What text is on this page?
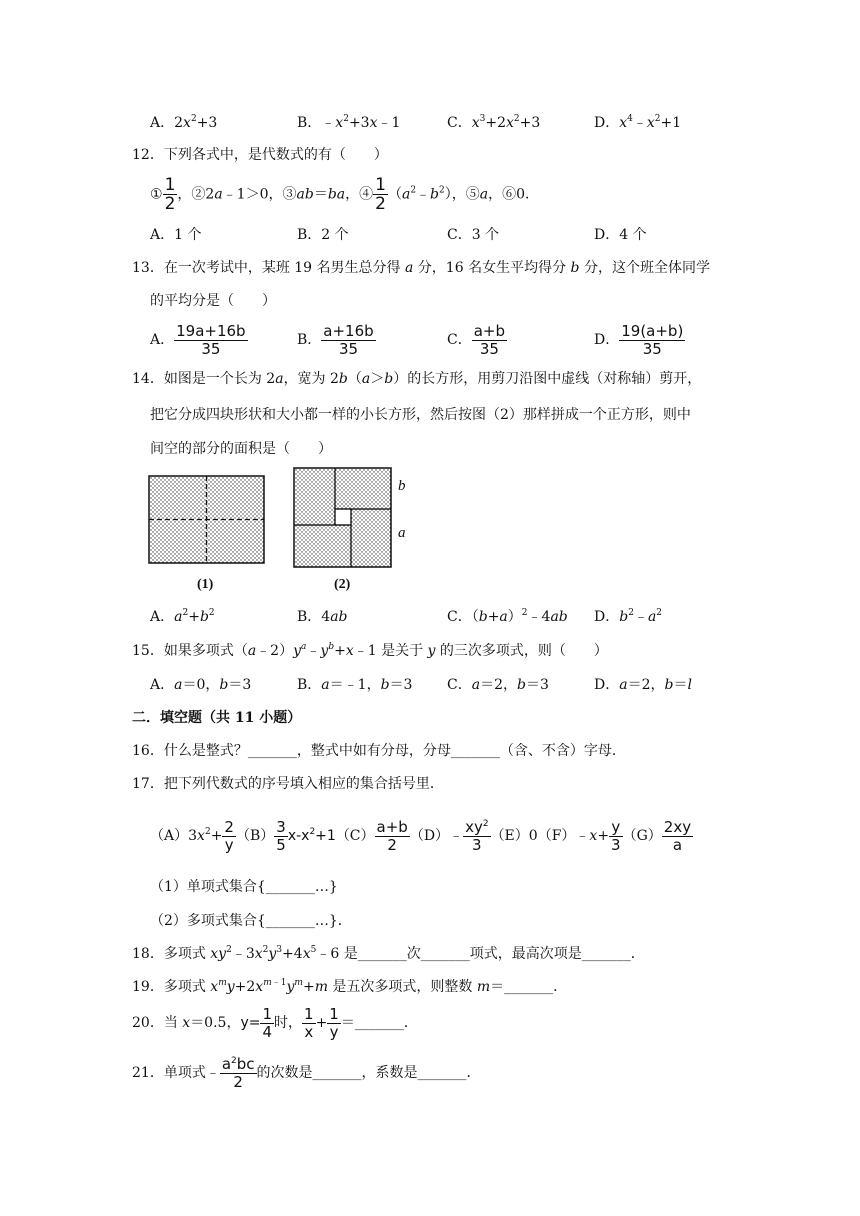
A．$2x^2+3$	B．$﹣x^2+3x﹣1$	C．$x^3+2x^2+3$	D．$x^4﹣x^2+1$
12．下列各式中，是代数式的有（　　）
① $\frac{1}{2}$ ，②2a﹣1＞0，③ab＝ba，④ $\frac{1}{2}$ $(a^2﹣b^2)$，⑤a，⑥0．
A．1 个	B．2 个	C．3 个	D．4 个
13．在一次考试中，某班 19 名男生总分得 a 分，16 名女生平均得分 b 分，这个班全体同学
的平均分是（　　）
A． $\frac{19a+16b}{35}$	B． $\frac{a+16b}{35}$	C． $\frac{a+b}{35}$	D． $\frac{19(a+b)}{35}$
14．如图是一个长为 2a，宽为 2b（a＞b）的长方形，用剪刀沿图中虚线（对称轴）剪开，
把它分成四块形状和大小都一样的小长方形，然后按图（2）那样拼成一个正方形，则中
间空的部分的面积是（　　）
(1)
b
a
(2)
A．$a^2+b^2$	B．4ab	C．$(b+a)^2﹣4ab$ D．$b^2﹣a^2$
15．如果多项式$(a﹣2)y^a﹣y^b+x﹣1$ 是关于 y 的三次多项式，则（　　）
A．a＝0，b＝3	B．a＝﹣1，b＝3 C．a＝2，b＝3	D．a＝2，b＝l
二．填空题（共 11 小题）
16．什么是整式？_______，整式中如有分母，分母_______（含、不含）字母．
17．把下列代数式的序号填入相应的集合括号里．
$(A)3x^2+ \frac{2}{y} (B) \frac{3}{5} x-x^2+1(C) \frac{a+b}{2}$ （D）﹣ $\frac{xy^2}{3}$ （E）0（F）﹣x+ $\frac{y}{3} (G) \frac{2xy}{a}$
（1）单项式集合{_______…}
（2）多项式集合{_______…}．
18．多项式 $xy^2﹣3x^2y^3+4x^5﹣6$ 是_______次_______项式，最高次项是_______．
19．多项式 $x^my+2x^{m﹣1}y^m+m$ 是五次多项式，则整数 m＝_______．
20．当 x＝0.5，$y= \frac{1}{4}$ 时， $\frac{1}{x} + \frac{1}{y}$ ＝_______．
21．单项式﹣ $\frac{a^2bc}{2}$ 的次数是_______，系数是_______．
